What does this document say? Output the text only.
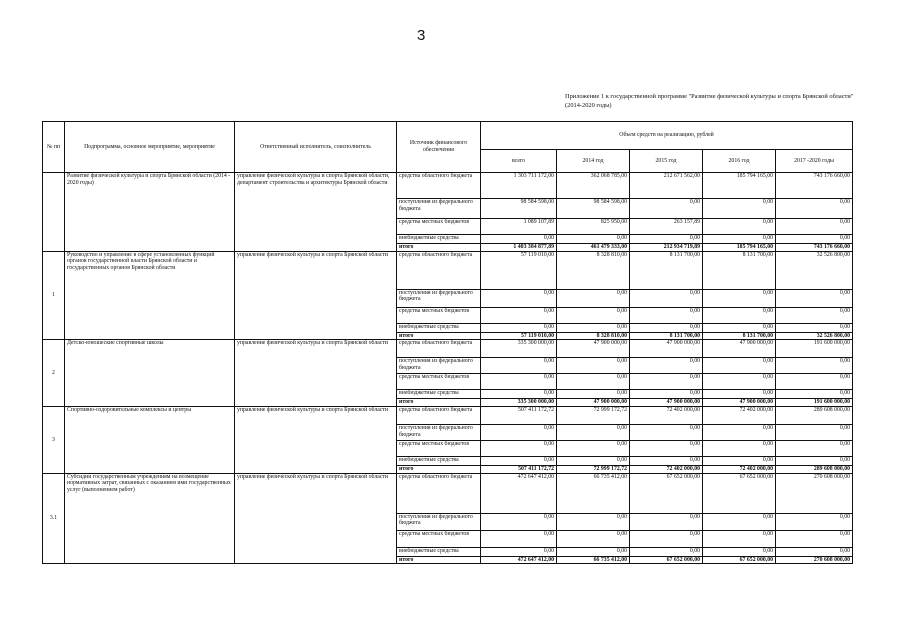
3
Приложение 1 к государственной программе "Развитие физической культуры и спорта Брянской области" (2014-2020 годы)
№ пп	Подпрограмма, основное мероприятие, мероприятие	Ответственный исполнитель, соисполнитель	Источник финансового обеспечения	Объем средств на реализацию, рублей				
				всего	2014 год	2015 год	2016 год	2017 -2020 годы
	Развитие физической культуры и спорта Брянской области (2014 - 2020 годы)	управление физической культуры и спорта Брянской области, департамент строительства и архитектуры Брянской области	средства областного бюджета	1 303 711 172,00	362 068 785,00	212 671 562,00	185 794 165,00	743 176 660,00
			поступления из федерального бюджета	98 584 598,00	98 584 598,00	0,00	0,00	0,00
			средства местных бюджетов	1 089 107,89	825 950,00	263 157,89	0,00	0,00
			внебюджетные средства	0,00	0,00	0,00	0,00	0,00
			итого	1 403 384 877,89	461 479 333,00	212 934 719,89	185 794 165,00	743 176 660,00
1	Руководство и управление в сфере установленных функций органов государственной власти Брянской области и государственных органов Брянской области	управление физической культуры и спорта Брянской области	средства областного бюджета	57 119 010,00	8 328 810,00	8 131 700,00	8 131 700,00	32 526 800,00
			поступления из федерального бюджета	0,00	0,00	0,00	0,00	0,00
			средства местных бюджетов	0,00	0,00	0,00	0,00	0,00
			внебюджетные средства	0,00	0,00	0,00	0,00	0,00
			итого	57 119 010,00	8 328 810,00	8 131 700,00	8 131 700,00	32 526 800,00
2	Детско-юношеские спортивные школы	управление физической культуры и спорта Брянской области	средства областного бюджета	335 300 000,00	47 900 000,00	47 900 000,00	47 900 000,00	191 600 000,00
			поступления из федерального бюджета	0,00	0,00	0,00	0,00	0,00
			средства местных бюджетов	0,00	0,00	0,00	0,00	0,00
			внебюджетные средства	0,00	0,00	0,00	0,00	0,00
			итого	335 300 000,00	47 900 000,00	47 900 000,00	47 900 000,00	191 600 000,00
3	Спортивно-оздоровительные комплексы и центры	управление физической культуры и спорта Брянской области	средства областного бюджета	507 411 172,72	72 999 172,72	72 402 000,00	72 402 000,00	289 608 000,00
			поступления из федерального бюджета	0,00	0,00	0,00	0,00	0,00
			средства местных бюджетов	0,00	0,00	0,00	0,00	0,00
			внебюджетные средства	0,00	0,00	0,00	0,00	0,00
			итого	507 411 172,72	72 999 172,72	72 402 000,00	72 402 000,00	289 608 000,00
3.1	Субсидии государственным учреждениям на возмещение нормативных затрат, связанных с оказанием ими государственных услуг (выполнением работ)	управление физической культуры и спорта Брянской области	средства областного бюджета	472 647 412,00	66 735 412,00	67 652 000,00	67 652 000,00	270 608 000,00
			поступления из федерального бюджета	0,00	0,00	0,00	0,00	0,00
			средства местных бюджетов	0,00	0,00	0,00	0,00	0,00
			внебюджетные средства	0,00	0,00	0,00	0,00	0,00
			итого	472 647 412,00	66 735 412,00	67 652 000,00	67 652 000,00	270 608 000,00
